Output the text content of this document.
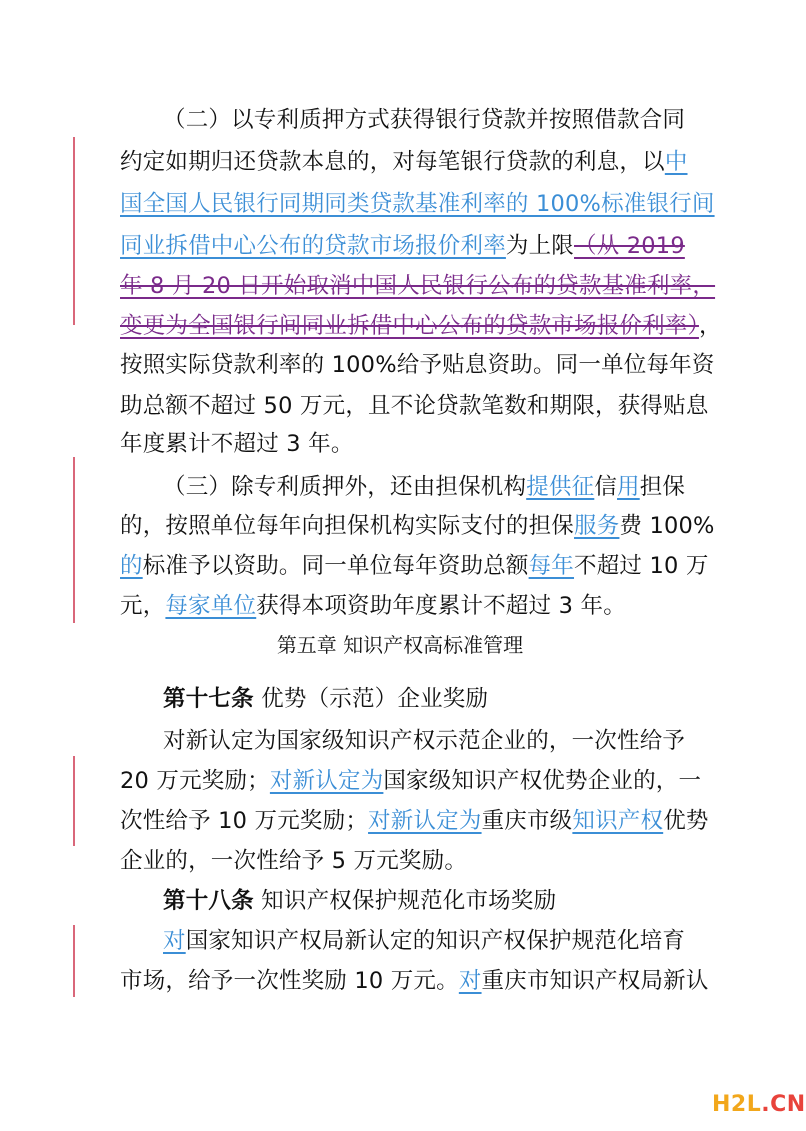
（二）以专利质押方式获得银行贷款并按照借款合同
约定如期归还贷款本息的，对每笔银行贷款的利息，以中
国全国人民银行同期同类贷款基准利率的 100%标准银行间
同业拆借中心公布的贷款市场报价利率为上限（从 2019
年 8 月 20 日开始取消中国人民银行公布的贷款基准利率，
变更为全国银行间同业拆借中心公布的贷款市场报价利率），
按照实际贷款利率的 100%给予贴息资助。同一单位每年资
助总额不超过 50 万元，且不论贷款笔数和期限，获得贴息
年度累计不超过 3 年。
（三）除专利质押外，还由担保机构提供征信用担保
的，按照单位每年向担保机构实际支付的担保服务费 100%
的标准予以资助。同一单位每年资助总额每年不超过 10 万
元，每家单位获得本项资助年度累计不超过 3 年。
第五章 知识产权高标准管理
第十七条 优势（示范）企业奖励
对新认定为国家级知识产权示范企业的，一次性给予
20 万元奖励；对新认定为国家级知识产权优势企业的，一
次性给予 10 万元奖励；对新认定为重庆市级知识产权优势
企业的，一次性给予 5 万元奖励。
第十八条 知识产权保护规范化市场奖励
对国家知识产权局新认定的知识产权保护规范化培育
市场，给予一次性奖励 10 万元。对重庆市知识产权局新认
H2L.CN
